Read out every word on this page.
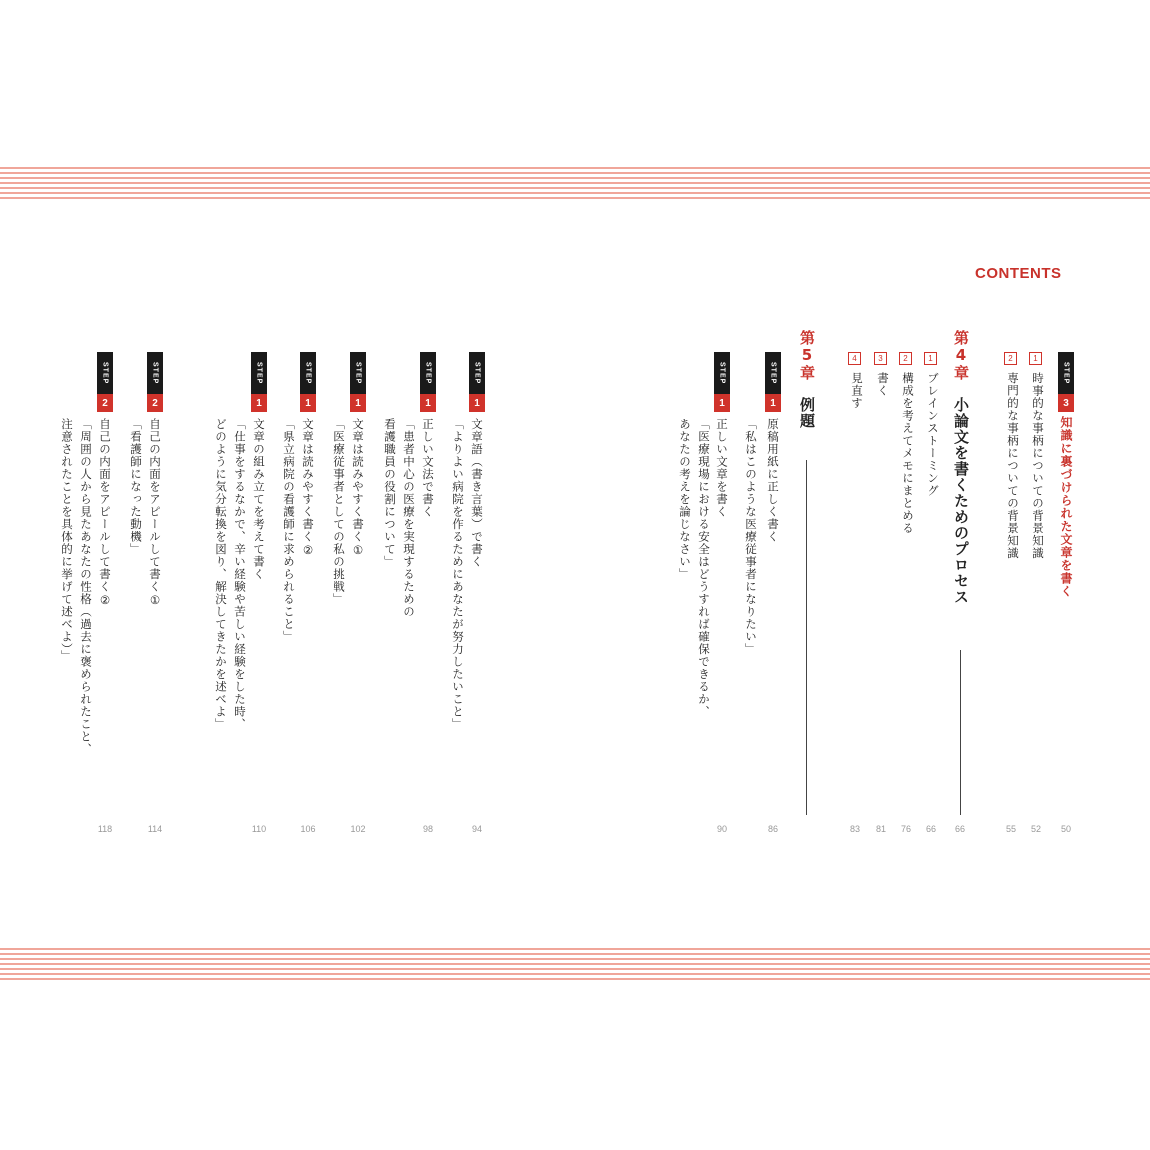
CONTENTS
STEP
3
知識に裏づけられた文章を書く
50
1
時事的な事柄についての背景知識
52
2
専門的な事柄についての背景知識
55
第4章　小論文を書くためのプロセス
66
1
ブレインストーミング
66
2
構成を考えてメモにまとめる
76
3
書く
81
4
見直す
83
第5章　例題
STEP
1
原稿用紙に正しく書く
「私はこのような医療従事者になりたい」
86
STEP
1
正しい文章を書く
「医療現場における安全はどうすれば確保できるか、
あなたの考えを論じなさい」
90
STEP
1
文章語（書き言葉）で書く
「よりよい病院を作るためにあなたが努力したいこと」
94
STEP
1
正しい文法で書く
「患者中心の医療を実現するための
看護職員の役割について」
98
STEP
1
文章は読みやすく書く①
「医療従事者としての私の挑戦」
102
STEP
1
文章は読みやすく書く②
「県立病院の看護師に求められること」
106
STEP
1
文章の組み立てを考えて書く
「仕事をするなかで、辛い経験や苦しい経験をした時、
どのように気分転換を図り、解決してきたかを述べよ」
110
STEP
2
自己の内面をアピールして書く①
「看護師になった動機」
114
STEP
2
自己の内面をアピールして書く②
「周囲の人から見たあなたの性格（過去に褒められたこと、
注意されたことを具体的に挙げて述べよ）」
118
